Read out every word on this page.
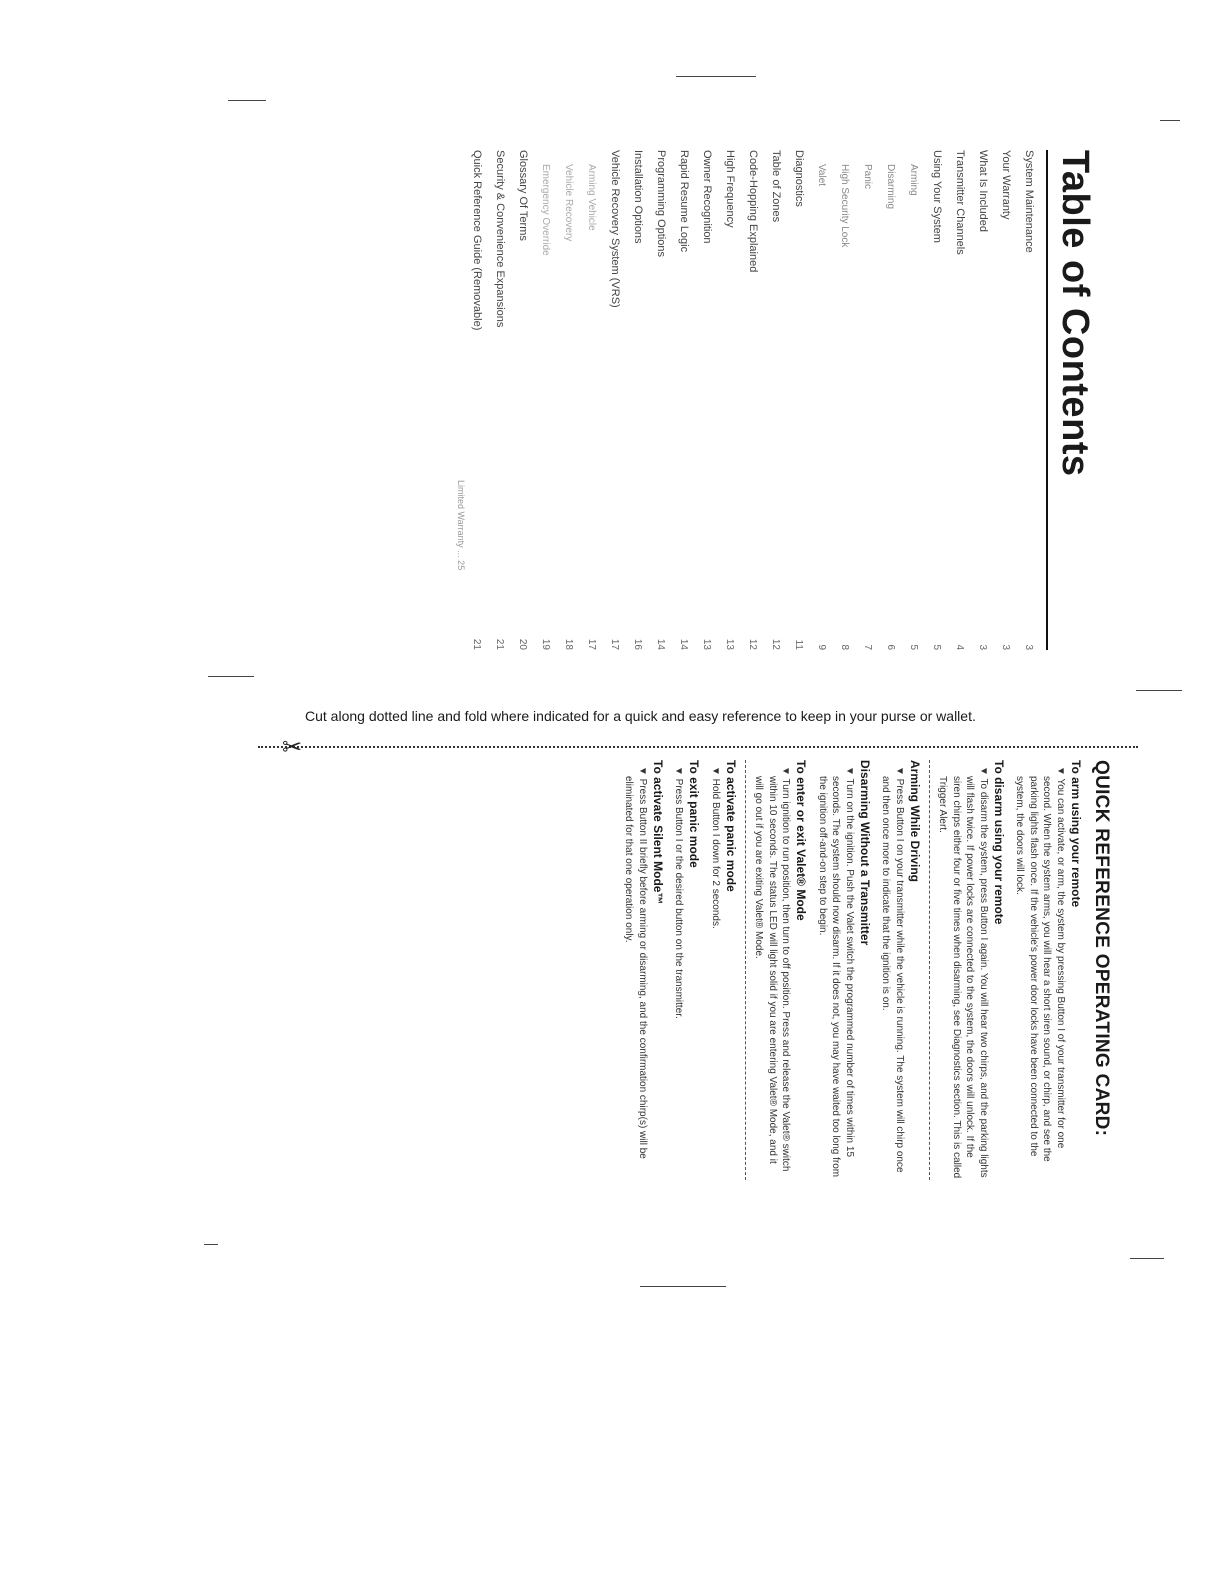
Table of Contents
System Maintenance
3
Your Warranty
3
What Is Included
3
Transmitter Channels
4
Using Your System
5
Arming
5
Disarming
6
Panic
7
High Security Lock
8
Valet
9
Diagnostics
11
Table of Zones
12
Code-Hopping Explained
12
High Frequency
13
Owner Recognition
13
Rapid Resume Logic
14
Programming Options
14
Installation Options
16
Vehicle Recovery System (VRS)
17
Arming Vehicle
17
Vehicle Recovery
18
Emergency Override
19
Glossary Of Terms
20
Security & Convenience Expansions
21
Quick Reference Guide (Removable)
21
Limited Warranty ... 25
Cut along dotted line and fold where indicated for a quick and easy reference to keep in your purse or wallet.
✂
QUICK REFERENCE OPERATING CARD:

To arm using your remote

▼ You can activate, or arm, the system by pressing Button I of your transmitter for one second. When the system arms, you will hear a short siren sound, or chirp, and see the parking lights flash once. If the vehicle's power door locks have been connected to the system, the doors will lock.

To disarm using your remote

▼ To disarm the system, press Button I again. You will hear two chirps, and the parking lights will flash twice. If power locks are connected to the system, the doors will unlock. If the siren chirps either four or five times when disarming, see Diagnostics section. This is called Trigger Alert.

Arming While Driving

▼ Press Button I on your transmitter while the vehicle is running. The system will chirp once and then once more to indicate that the ignition is on.

Disarming Without a Transmitter

▼ Turn on the ignition. Push the Valet switch the programmed number of times within 15 seconds. The system should now disarm. If it does not, you may have waited too long from the ignition off-and-on step to begin.

To enter or exit Valet® Mode

▼ Turn ignition to run position, then turn to off position. Press and release the Valet® switch within 10 seconds. The status LED will light solid if you are entering Valet® Mode, and it will go out if you are exiting Valet® Mode.

To activate panic mode

▼ Hold Button I down for 2 seconds.

To exit panic mode

▼ Press Button I or the desired button on the transmitter.

To activate Silent Mode™

▼ Press Button II briefly before arming or disarming, and the confirmation chirp(s) will be eliminated for that one operation only.
